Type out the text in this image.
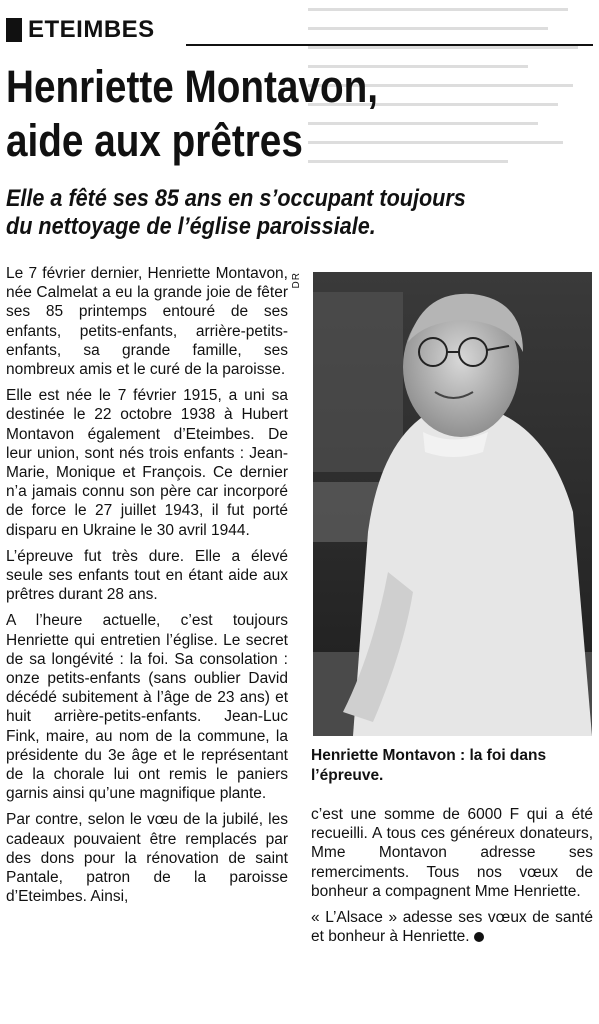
ETEIMBES
Henriette Montavon,
aide aux prêtres
Elle a fêté ses 85 ans en s’occupant toujours
du nettoyage de l’église paroissiale.

Le 7 février dernier, Henriette Montavon, née Calmelat a eu la grande joie de fêter ses 85 printemps entouré de ses enfants, petits-enfants, arrière-petits-enfants, sa grande famille, ses nombreux amis et le curé de la paroisse.

Elle est née le 7 février 1915, a uni sa destinée le 22 octobre 1938 à Hubert Montavon également d’Eteimbes. De leur union, sont nés trois enfants : Jean-Marie, Monique et François. Ce dernier n’a jamais connu son père car incorporé de force le 27 juillet 1943, il fut porté disparu en Ukraine le 30 avril 1944.

L’épreuve fut très dure. Elle a élevé seule ses enfants tout en étant aide aux prêtres durant 28 ans.

A l’heure actuelle, c’est toujours Henriette qui entretien l’église. Le secret de sa longévité : la foi. Sa consolation : onze petits-enfants (sans oublier David décédé subitement à l’âge de 23 ans) et huit arrière-petits-enfants. Jean-Luc Fink, maire, au nom de la commune, la présidente du 3e âge et le représentant de la chorale lui ont remis le paniers garnis ainsi qu’une magnifique plante.

Par contre, selon le vœu de la jubilé, les cadeaux pouvaient être remplacés par des dons pour la rénovation de saint Pantale, patron de la paroisse d’Eteimbes. Ainsi,

DR

Henriette Montavon : la foi dans l’épreuve.

c’est une somme de 6000 F qui a été recueilli. A tous ces généreux donateurs, Mme Montavon adresse ses remerciments. Tous nos vœux de bonheur a compagnent Mme Henriette.

« L’Alsace » adesse ses vœux de santé et bonheur à Henriette.
